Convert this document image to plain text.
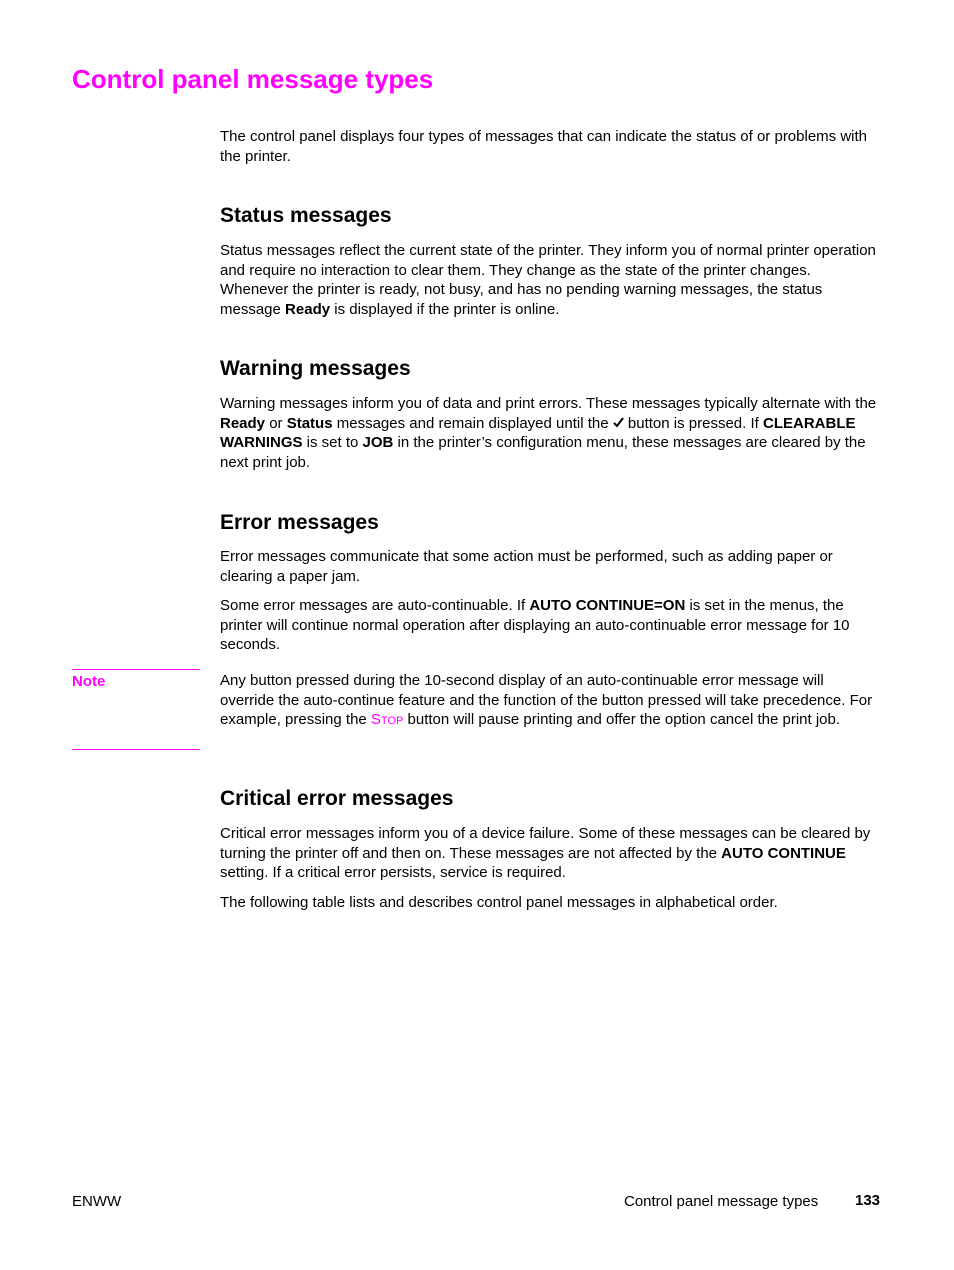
Control panel message types

The control panel displays four types of messages that can indicate the status of or problems with the printer.

Status messages

Status messages reflect the current state of the printer. They inform you of normal printer operation and require no interaction to clear them. They change as the state of the printer changes. Whenever the printer is ready, not busy, and has no pending warning messages, the status message Ready is displayed if the printer is online.

Warning messages

Warning messages inform you of data and print errors. These messages typically alternate with the Ready or Status messages and remain displayed until the  button is pressed. If CLEARABLE WARNINGS is set to JOB in the printer’s configuration menu, these messages are cleared by the next print job.

Error messages

Error messages communicate that some action must be performed, such as adding paper or clearing a paper jam.

Some error messages are auto-continuable. If AUTO CONTINUE=ON is set in the menus, the printer will continue normal operation after displaying an auto-continuable error message for 10 seconds.

Note	Any button pressed during the 10-second display of an auto-continuable error message will override the auto-continue feature and the function of the button pressed will take precedence. For example, pressing the Stop button will pause printing and offer the option cancel the print job.

Critical error messages

Critical error messages inform you of a device failure. Some of these messages can be cleared by turning the printer off and then on. These messages are not affected by the AUTO CONTINUE setting. If a critical error persists, service is required.

The following table lists and describes control panel messages in alphabetical order.

ENWW	Control panel message types 133
